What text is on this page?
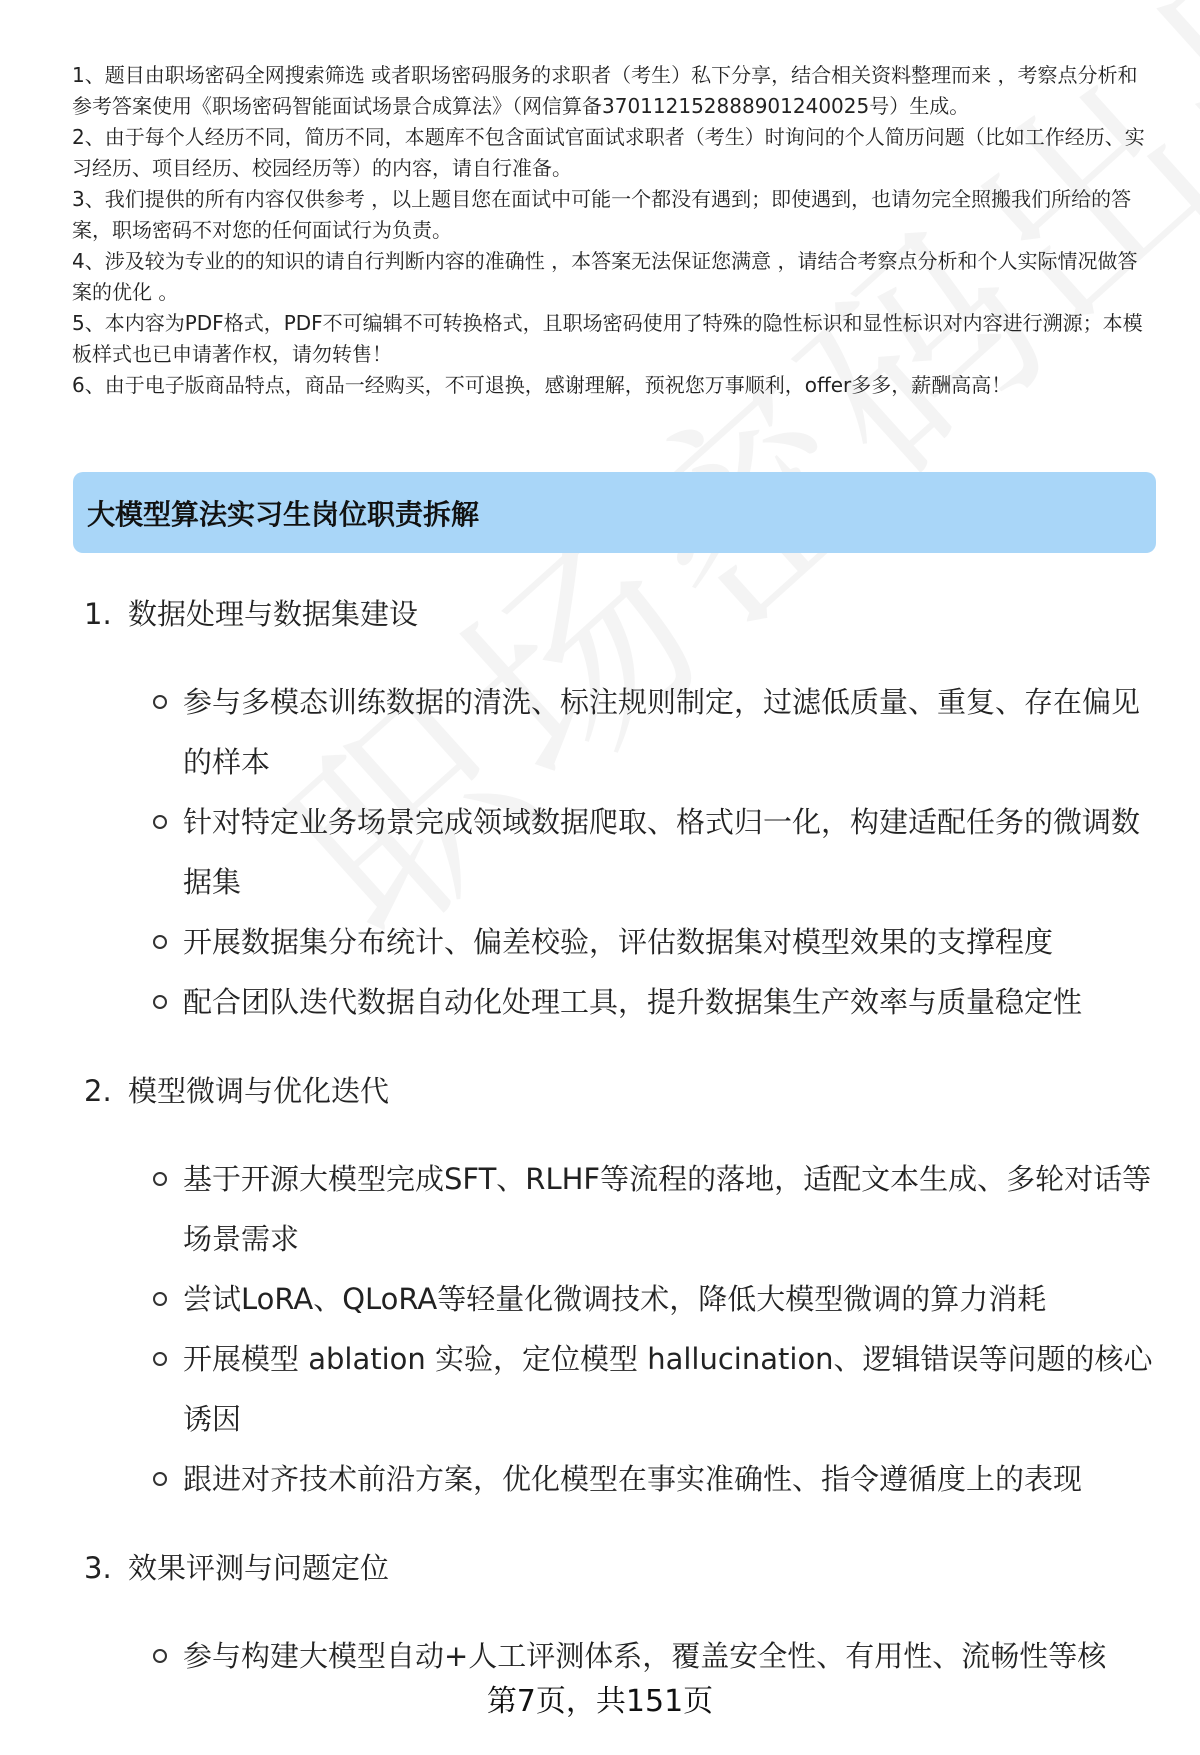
1、题目由职场密码全网搜索筛选 或者职场密码服务的求职者（考生）私下分享，结合相关资料整理而来 ，考察点分析和参考答案使用《职场密码智能面试场景合成算法》（网信算备370112152888901240025号）生成。

2、由于每个人经历不同，简历不同，本题库不包含面试官面试求职者（考生）时询问的个人简历问题（比如工作经历、实习经历、项目经历、校园经历等）的内容，请自行准备。

3、我们提供的所有内容仅供参考 ，以上题目您在面试中可能一个都没有遇到；即使遇到，也请勿完全照搬我们所给的答案，职场密码不对您的任何面试行为负责。

4、涉及较为专业的的知识的请自行判断内容的准确性 ，本答案无法保证您满意 ，请结合考察点分析和个人实际情况做答案的优化 。

5、本内容为PDF格式，PDF不可编辑不可转换格式，且职场密码使用了特殊的隐性标识和显性标识对内容进行溯源；本模板样式也已申请著作权，请勿转售！

6、由于电子版商品特点，商品一经购买，不可退换，感谢理解，预祝您万事顺利，offer多多，薪酬高高！

大模型算法实习生岗位职责拆解
1. 数据处理与数据集建设
参与多模态训练数据的清洗、标注规则制定，过滤低质量、重复、存在偏见的样本
针对特定业务场景完成领域数据爬取、格式归一化，构建适配任务的微调数据集
开展数据集分布统计、偏差校验，评估数据集对模型效果的支撑程度
配合团队迭代数据自动化处理工具，提升数据集生产效率与质量稳定性
2. 模型微调与优化迭代
基于开源大模型完成SFT、RLHF等流程的落地，适配文本生成、多轮对话等场景需求
尝试LoRA、QLoRA等轻量化微调技术，降低大模型微调的算力消耗
开展模型 ablation 实验，定位模型 hallucination、逻辑错误等问题的核心诱因
跟进对齐技术前沿方案，优化模型在事实准确性、指令遵循度上的表现
3. 效果评测与问题定位
参与构建大模型自动+人工评测体系，覆盖安全性、有用性、流畅性等核
第7页，共151页
